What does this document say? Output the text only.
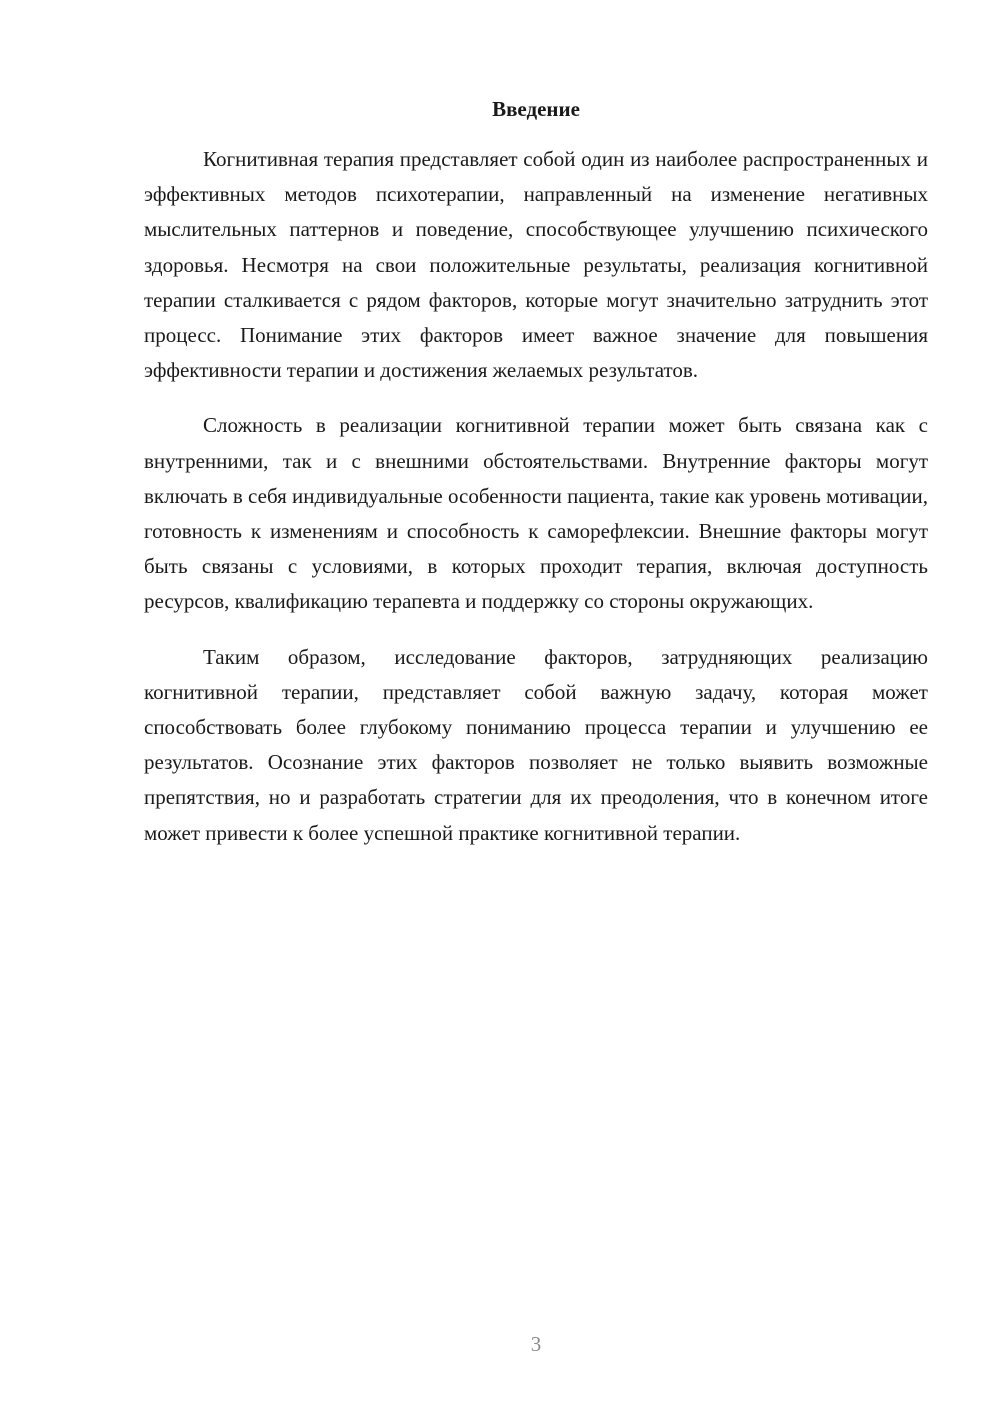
Введение

Когнитивная терапия представляет собой один из наиболее распространенных и эффективных методов психотерапии, направленный на изменение негативных мыслительных паттернов и поведение, способствующее улучшению психического здоровья. Несмотря на свои положительные результаты, реализация когнитивной терапии сталкивается с рядом факторов, которые могут значительно затруднить этот процесс. Понимание этих факторов имеет важное значение для повышения эффективности терапии и достижения желаемых результатов.

Сложность в реализации когнитивной терапии может быть связана как с внутренними, так и с внешними обстоятельствами. Внутренние факторы могут включать в себя индивидуальные особенности пациента, такие как уровень мотивации, готовность к изменениям и способность к саморефлексии. Внешние факторы могут быть связаны с условиями, в которых проходит терапия, включая доступность ресурсов, квалификацию терапевта и поддержку со стороны окружающих.

Таким образом, исследование факторов, затрудняющих реализацию когнитивной терапии, представляет собой важную задачу, которая может способствовать более глубокому пониманию процесса терапии и улучшению ее результатов. Осознание этих факторов позволяет не только выявить возможные препятствия, но и разработать стратегии для их преодоления, что в конечном итоге может привести к более успешной практике когнитивной терапии.

3
